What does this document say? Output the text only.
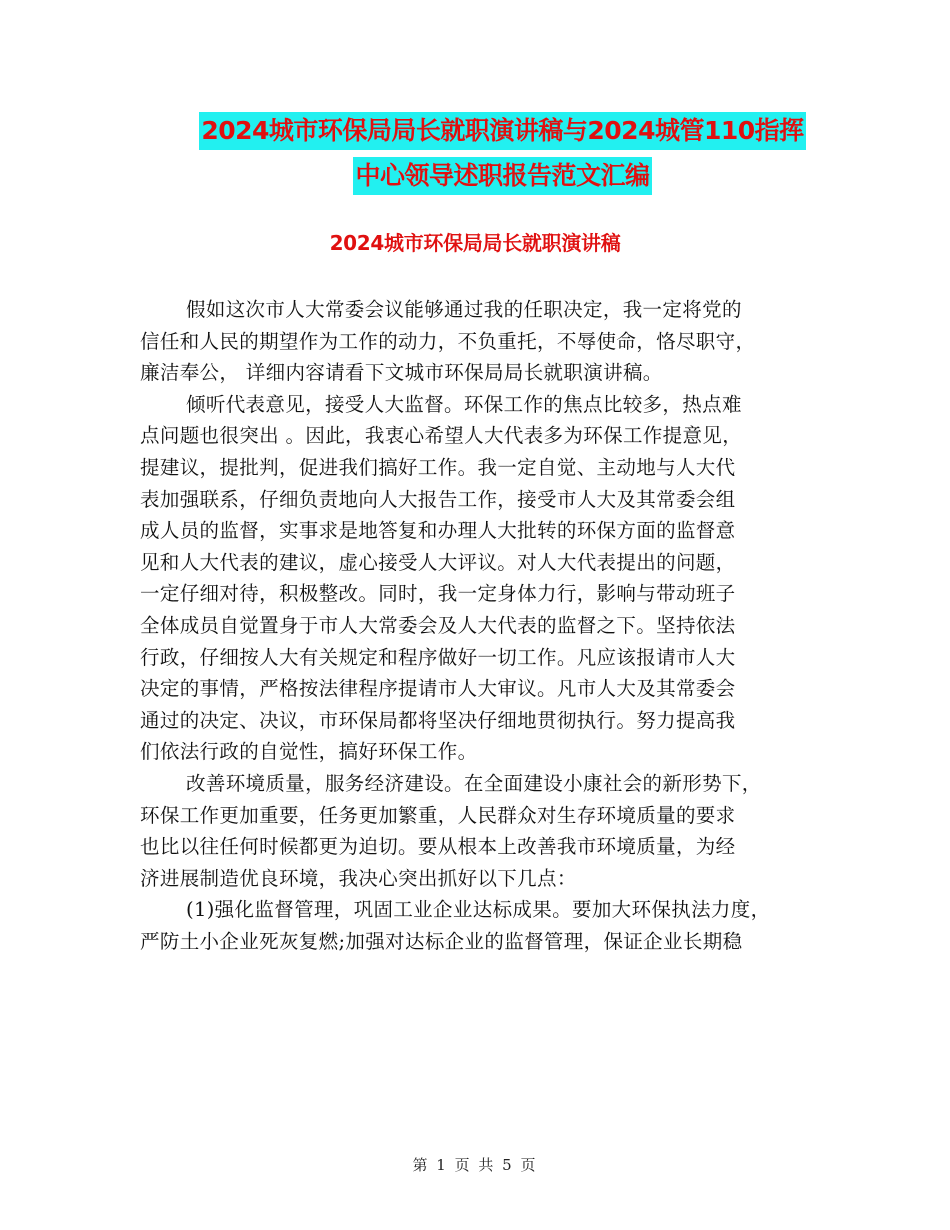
2024城市环保局局长就职演讲稿与2024城管110指挥
中心领导述职报告范文汇编
2024城市环保局局长就职演讲稿
假如这次市人大常委会议能够通过我的任职决定，我一定将党的
信任和人民的期望作为工作的动力，不负重托，不辱使命，恪尽职守，
廉洁奉公， 详细内容请看下文城市环保局局长就职演讲稿。
倾听代表意见，接受人大监督。环保工作的焦点比较多，热点难
点问题也很突出 。因此，我衷心希望人大代表多为环保工作提意见，
提建议，提批判，促进我们搞好工作。我一定自觉、主动地与人大代
表加强联系，仔细负责地向人大报告工作，接受市人大及其常委会组
成人员的监督，实事求是地答复和办理人大批转的环保方面的监督意
见和人大代表的建议，虚心接受人大评议。对人大代表提出的问题，
一定仔细对待，积极整改。同时，我一定身体力行，影响与带动班子
全体成员自觉置身于市人大常委会及人大代表的监督之下。坚持依法
行政，仔细按人大有关规定和程序做好一切工作。凡应该报请市人大
决定的事情，严格按法律程序提请市人大审议。凡市人大及其常委会
通过的决定、决议，市环保局都将坚决仔细地贯彻执行。努力提高我
们依法行政的自觉性，搞好环保工作。
改善环境质量，服务经济建设。在全面建设小康社会的新形势下，
环保工作更加重要，任务更加繁重，人民群众对生存环境质量的要求
也比以往任何时候都更为迫切。要从根本上改善我市环境质量，为经
济进展制造优良环境，我决心突出抓好以下几点：
(1)强化监督管理，巩固工业企业达标成果。要加大环保执法力度，
严防土小企业死灰复燃;加强对达标企业的监督管理，保证企业长期稳
第 1 页 共 5 页
